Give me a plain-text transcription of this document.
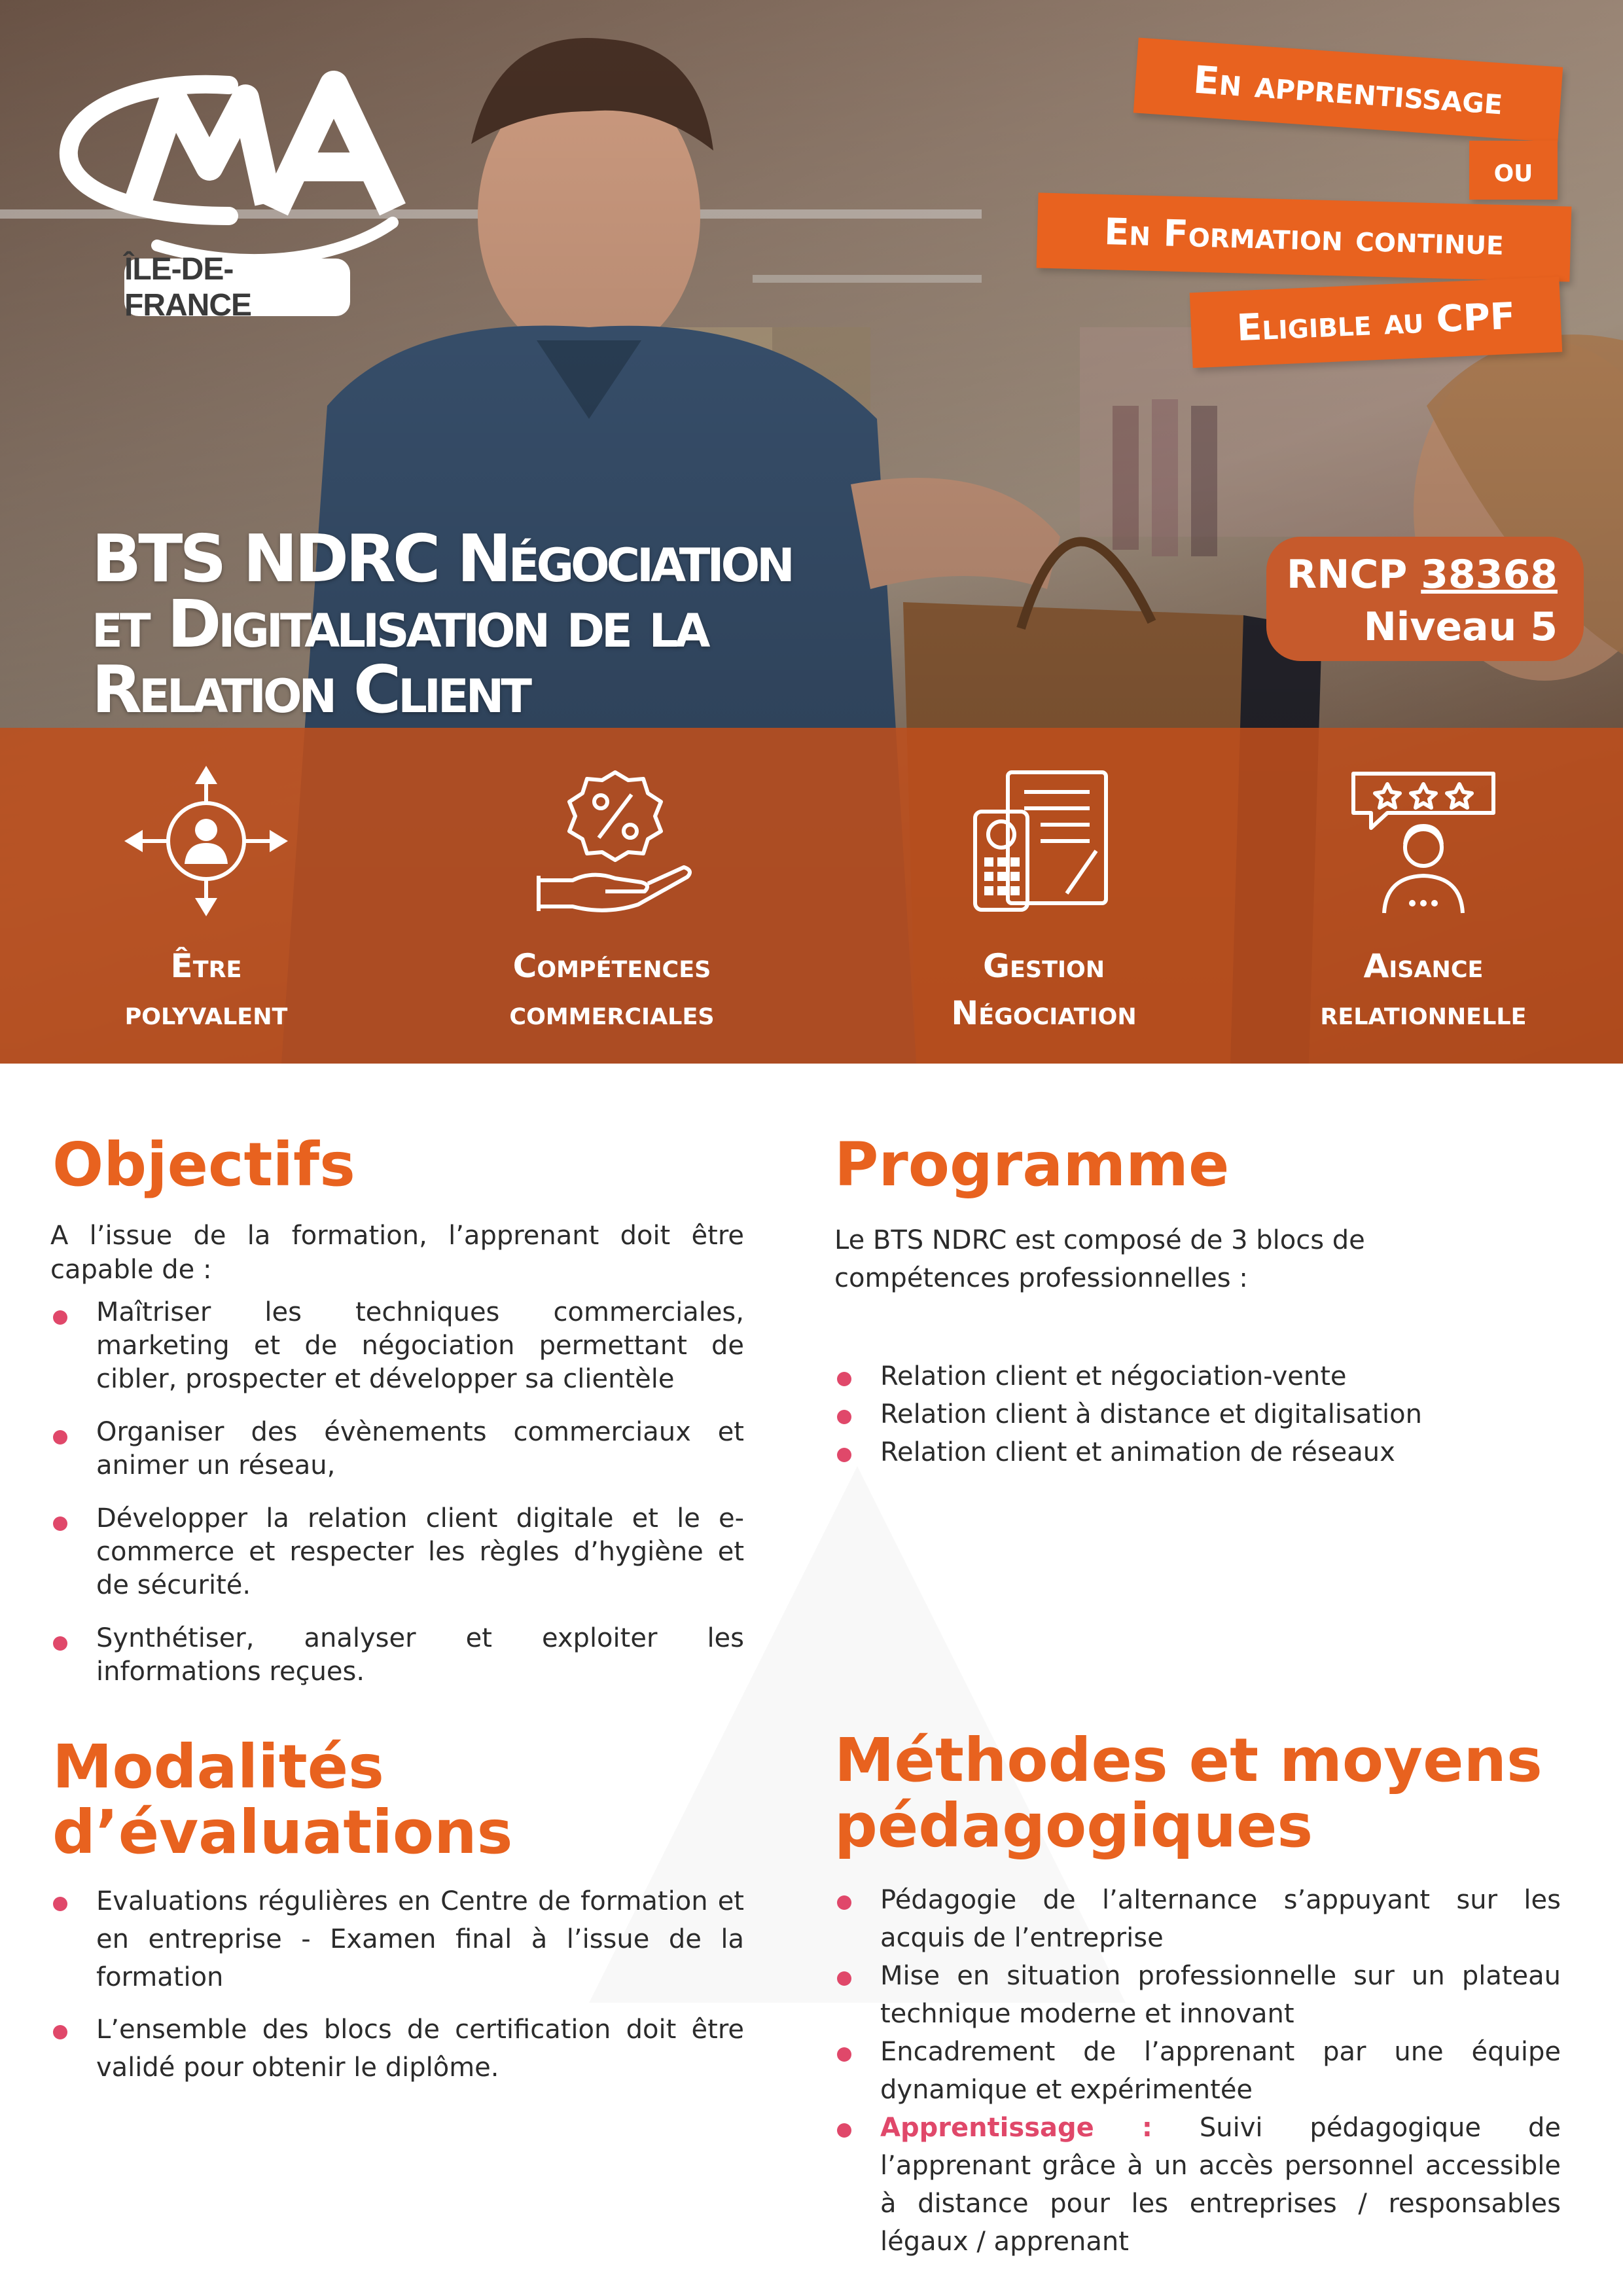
ÎLE-DE-FRANCE
En apprentissage
ou
En Formation continue
Eligible au CPF
BTS NDRC Négociation
et Digitalisation de la
Relation Client
RNCP 38368
Niveau 5
Être
polyvalent
Compétences
commerciales
Gestion
Négociation
Aisance
relationnelle
Objectifs
A l’issue de la formation, l’apprenant doit être capable de :
Maîtriser les techniques commerciales, marketing et de négociation permettant de cibler, prospecter et développer sa clientèle
Organiser des évènements commerciaux et animer un réseau,
Développer la relation client digitale et le e-commerce et respecter les règles d’hygiène et de sécurité.
Synthétiser, analyser et exploiter les informations reçues.
Programme
Le BTS NDRC est composé de 3 blocs de compétences professionnelles :
Relation client et négociation-vente
Relation client à distance et digitalisation
Relation client et animation de réseaux
Modalités
d’évaluations
Evaluations régulières en Centre de formation et en entreprise - Examen final à l’issue de la formation
L’ensemble des blocs de certification doit être validé pour obtenir le diplôme.
Méthodes et moyens
pédagogiques
Pédagogie de l’alternance s’appuyant sur les acquis de l’entreprise
Mise en situation professionnelle sur un plateau technique moderne et innovant
Encadrement de l’apprenant par une équipe dynamique et expérimentée
Apprentissage : Suivi pédagogique de l’apprenant grâce à un accès personnel accessible à distance pour les entreprises / responsables légaux / apprenant
